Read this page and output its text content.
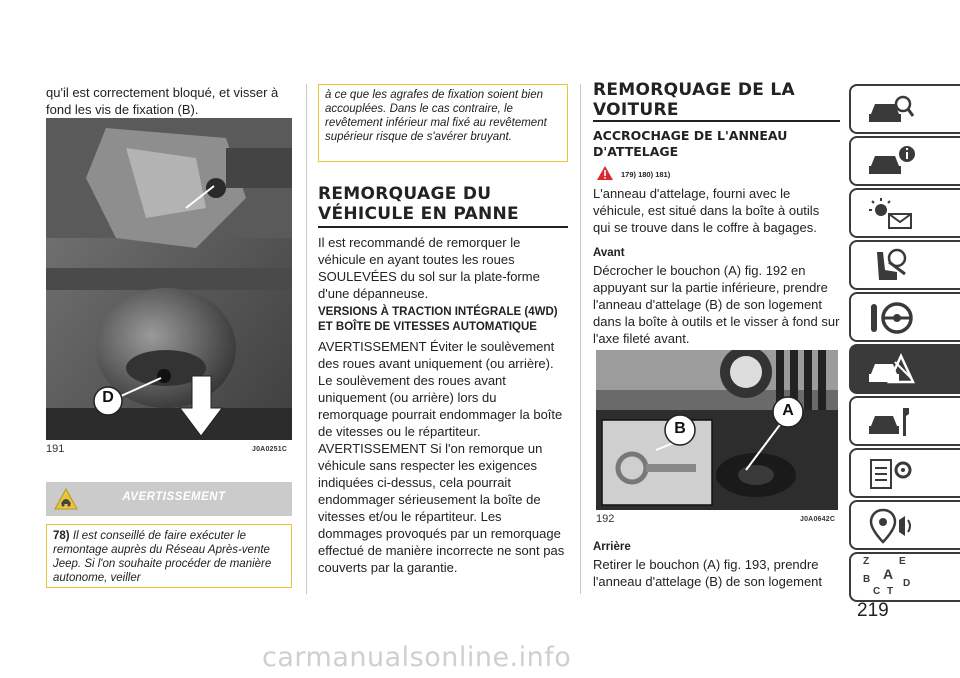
qu'il est correctement bloqué, et visser à fond les vis de fixation (B).
D
191	J0A0251C
AVERTISSEMENT
78) Il est conseillé de faire exécuter le remontage auprès du Réseau Après-vente Jeep. Si l'on souhaite procéder de manière autonome, veiller
à ce que les agrafes de fixation soient bien accouplées. Dans le cas contraire, le revêtement inférieur mal fixé au revêtement supérieur risque de s'avérer bruyant.
REMORQUAGE DU VÉHICULE EN PANNE
Il est recommandé de remorquer le véhicule en ayant toutes les roues SOULEVÉES du sol sur la plate-forme d'une dépanneuse.
VERSIONS À TRACTION INTÉGRALE (4WD) ET BOÎTE DE VITESSES AUTOMATIQUE
AVERTISSEMENT Éviter le soulèvement des roues avant uniquement (ou arrière). Le soulèvement des roues avant uniquement (ou arrière) lors du remorquage pourrait endommager la boîte de vitesses ou le répartiteur. AVERTISSEMENT Si l'on remorque un véhicule sans respecter les exigences indiquées ci-dessus, cela pourrait endommager sérieusement la boîte de vitesses et/ou le répartiteur. Les dommages provoqués par un remorquage effectué de manière incorrecte ne sont pas couverts par la garantie.
REMORQUAGE DE LA VOITURE
ACCROCHAGE DE L'ANNEAU D'ATTELAGE
179) 180) 181)
L'anneau d'attelage, fourni avec le véhicule, est situé dans la boîte à outils qui se trouve dans le coffre à bagages.
Avant
Décrocher le bouchon (A) fig. 192 en appuyant sur la partie inférieure, prendre l'anneau d'attelage (B) de son logement dans la boîte à outils et le visser à fond sur l'axe fileté avant.
B
A
192	J0A0642C
Arrière
Retirer le bouchon (A) fig. 193, prendre l'anneau d'attelage (B) de son logement
Z	E
A
B
C T
D
219
carmanualsonline.info
